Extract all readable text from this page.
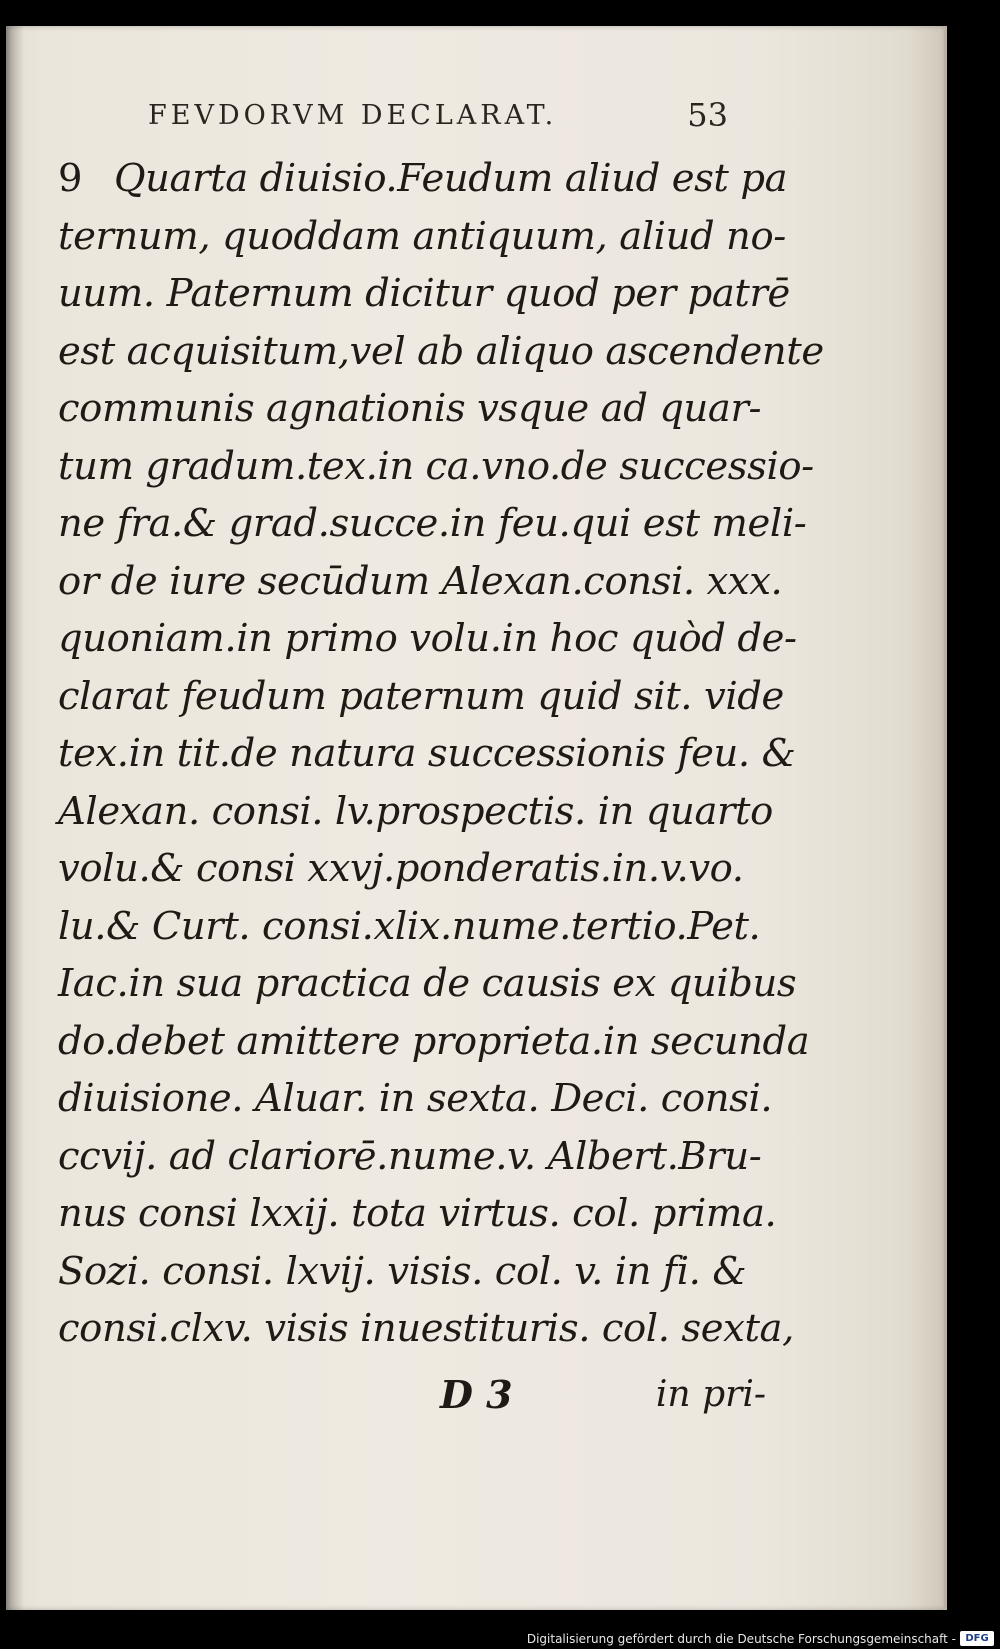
FEVDORVM DECLARAT.	53
9 Quarta diuisio.Feudum aliud est pa
ternum, quoddam antiquum, aliud no-
uum. Paternum dicitur quod per patrē
est acquisitum,vel ab aliquo ascendente
communis agnationis vsque ad quar-
tum gradum.tex.in ca.vno.de successio-
ne fra.& grad.succe.in feu.qui est meli-
or de iure secūdum Alexan.consi. xxx.
quoniam.in primo volu.in hoc quòd de-
clarat feudum paternum quid sit. vide
tex.in tit.de natura successionis feu. &
Alexan. consi. lv.prospectis. in quarto
volu.& consi xxvj.ponderatis.in.v.vo.
lu.& Curt. consi.xlix.nume.tertio.Pet.
Iac.in sua practica de causis ex quibus
do.debet amittere proprieta.in secunda
diuisione. Aluar. in sexta. Deci. consi.
ccvij. ad clariorē.nume.v. Albert.Bru-
nus consi lxxij. tota virtus. col. prima.
Sozi. consi. lxvij. visis. col. v. in fi. &
consi.clxv. visis inuestituris. col. sexta,
D 3	in pri-
Digitalisierung gefördert durch die Deutsche Forschungsgemeinschaft - DFG
